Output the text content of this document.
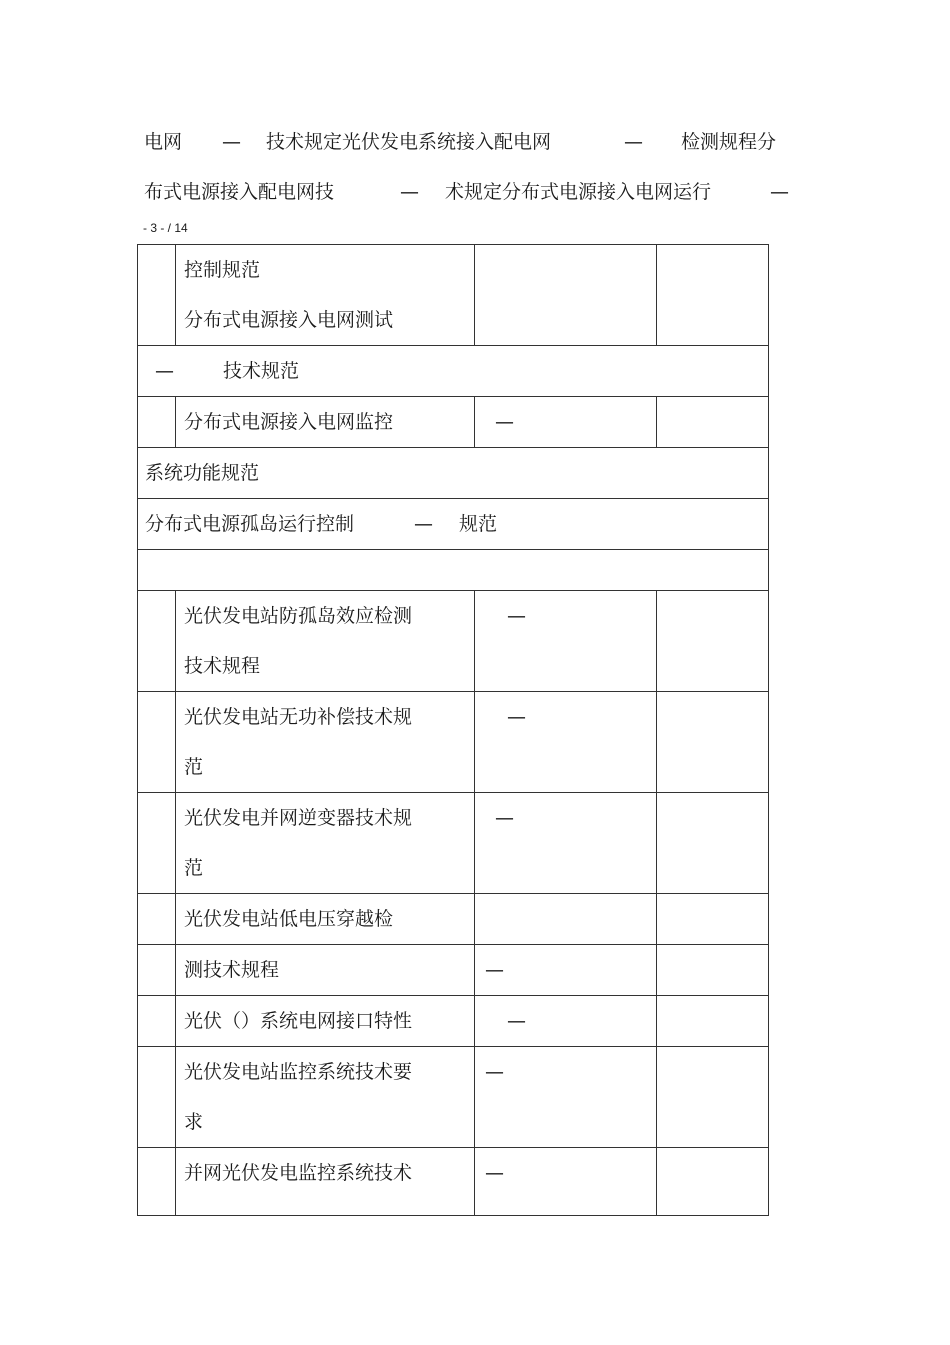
电网

—

技术规定光伏发电系统接入配电网

	—

检测规程分

布式电源接入配电网技

	—

术规定分布式电源接入电网运行

	—

- 3 - / 14

	控制规范
分布式电源接入电网测试		

— 技术规范			

	分布式电源接入电网监控	—	

系统功能规范			

分布式电源孤岛运行控制 — 规范			

	光伏发电站防孤岛效应检测
技术规程	—	

	光伏发电站无功补偿技术规
范	—	

	光伏发电并网逆变器技术规
范	—	

	光伏发电站低电压穿越检		

	测技术规程	—	

	光伏（）系统电网接口特性	—	

	光伏发电站监控系统技术要
求	—	

	并网光伏发电监控系统技术	—	
